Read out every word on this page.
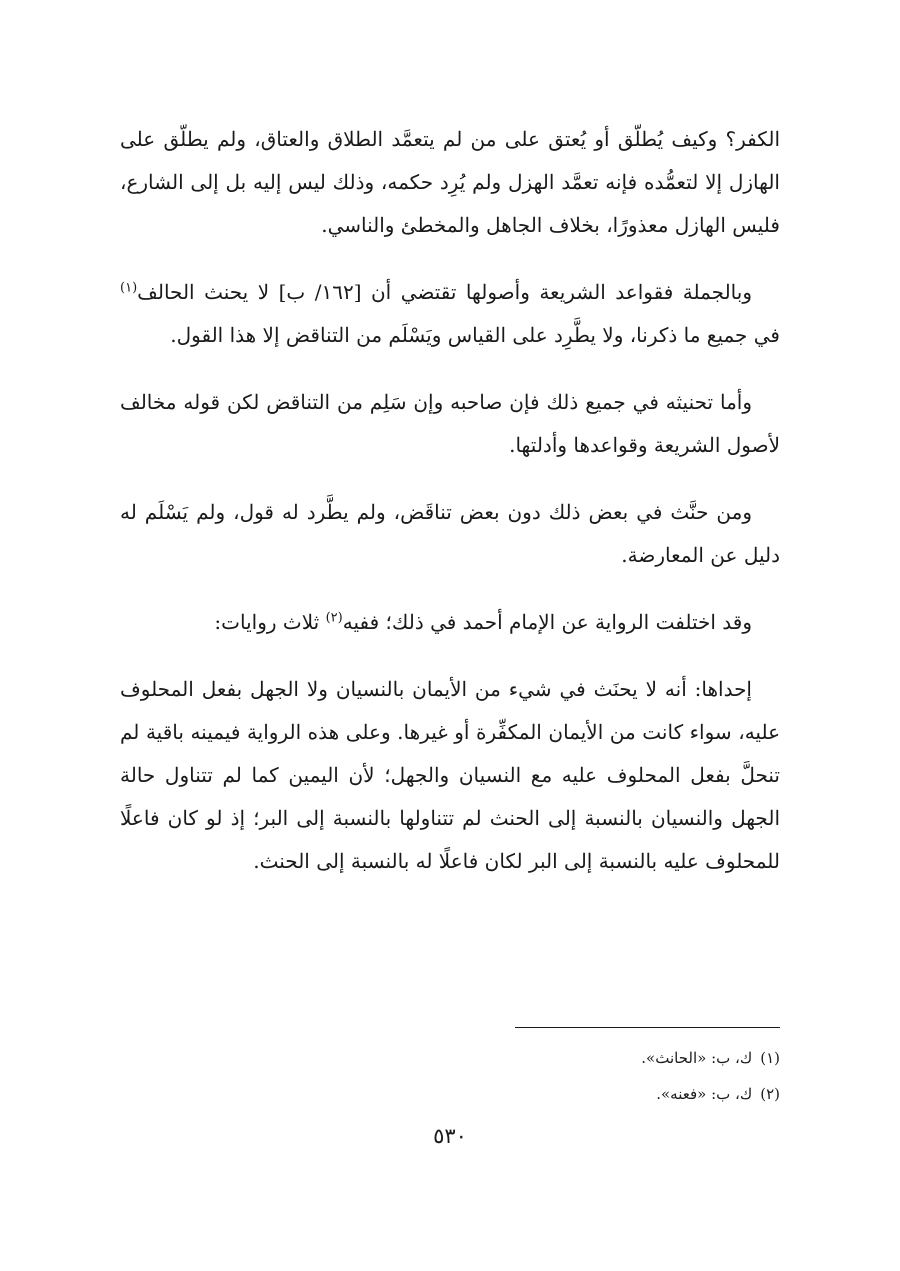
الكفر؟ وكيف يُطلّق أو يُعتق على من لم يتعمَّد الطلاق والعتاق، ولم يطلّق على الهازل إلا لتعمُّده فإنه تعمَّد الهزل ولم يُرِد حكمه، وذلك ليس إليه بل إلى الشارع، فليس الهازل معذورًا، بخلاف الجاهل والمخطئ والناسي.

وبالجملة فقواعد الشريعة وأصولها تقتضي أن [١٦٢/ ب] لا يحنث الحالف$^{(١)}$ في جميع ما ذكرنا، ولا يطَّرِد على القياس ويَسْلَم من التناقض إلا هذا القول.

وأما تحنيثه في جميع ذلك فإن صاحبه وإن سَلِم من التناقض لكن قوله مخالف لأصول الشريعة وقواعدها وأدلتها.

ومن حنَّث في بعض ذلك دون بعض تناقَض، ولم يطَّرد له قول، ولم يَسْلَم له دليل عن المعارضة.

وقد اختلفت الرواية عن الإمام أحمد في ذلك؛ ففيه$^{(٢)}$ ثلاث روايات:

إحداها: أنه لا يحنَث في شيء من الأيمان بالنسيان ولا الجهل بفعل المحلوف عليه، سواء كانت من الأيمان المكفِّرة أو غيرها. وعلى هذه الرواية فيمينه باقية لم تنحلَّ بفعل المحلوف عليه مع النسيان والجهل؛ لأن اليمين كما لم تتناول حالة الجهل والنسيان بالنسبة إلى الحنث لم تتناولها بالنسبة إلى البر؛ إذ لو كان فاعلًا للمحلوف عليه بالنسبة إلى البر لكان فاعلًا له بالنسبة إلى الحنث.

(١)ك، ب: «الحانث».

(٢)ك، ب: «فعنه».

٥٣٠
